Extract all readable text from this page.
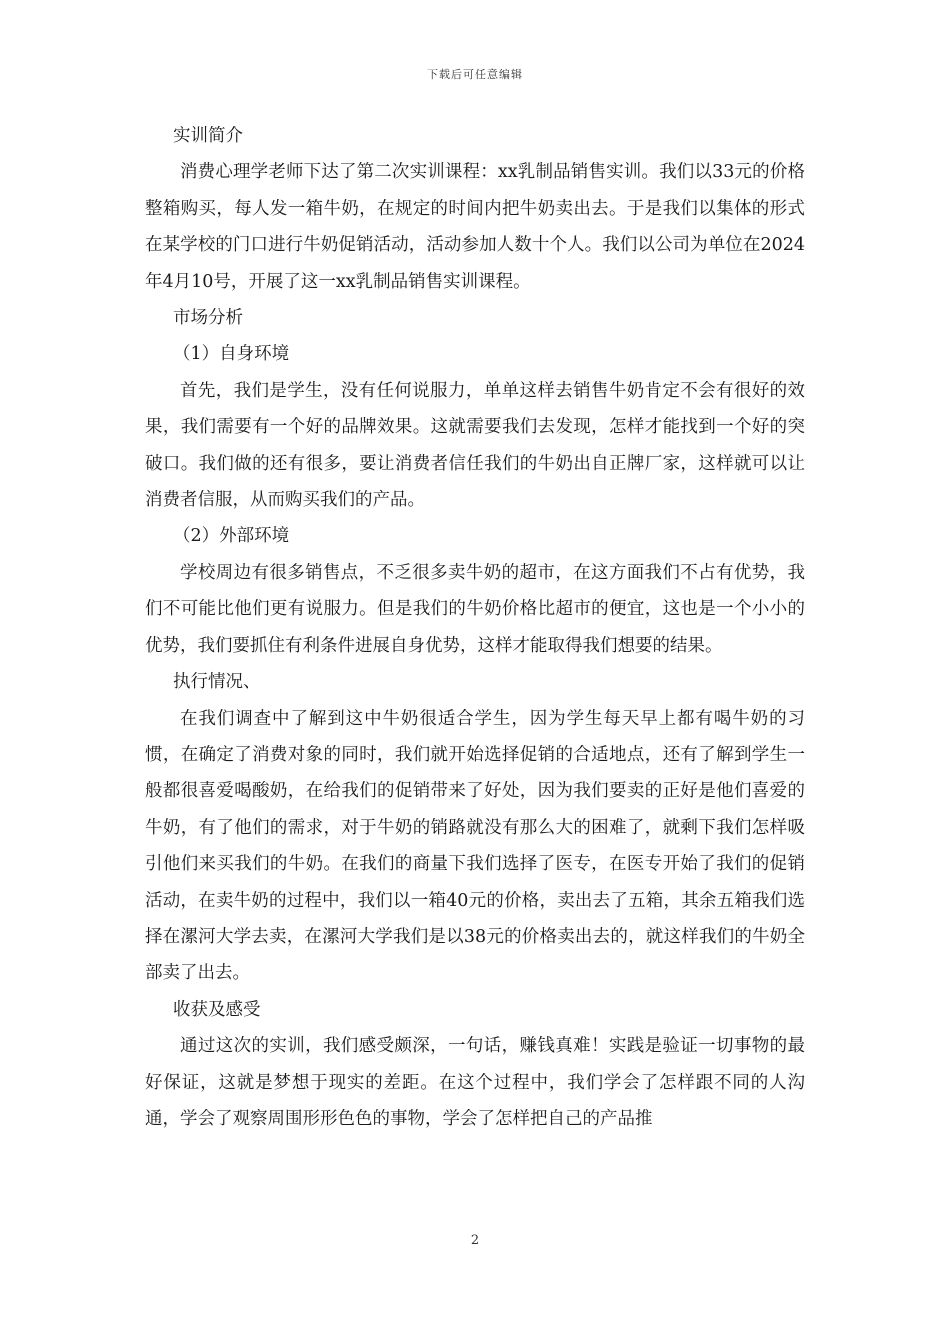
下载后可任意编辑

实训简介

消费心理学老师下达了第二次实训课程：xx乳制品销售实训。我们以33元的价格整箱购买，每人发一箱牛奶，在规定的时间内把牛奶卖出去。于是我们以集体的形式在某学校的门口进行牛奶促销活动，活动参加人数十个人。我们以公司为单位在2024年4月10号，开展了这一xx乳制品销售实训课程。

市场分析

（1）自身环境

首先，我们是学生，没有任何说服力，单单这样去销售牛奶肯定不会有很好的效果，我们需要有一个好的品牌效果。这就需要我们去发现，怎样才能找到一个好的突破口。我们做的还有很多，要让消费者信任我们的牛奶出自正牌厂家，这样就可以让消费者信服，从而购买我们的产品。

（2）外部环境

学校周边有很多销售点，不乏很多卖牛奶的超市，在这方面我们不占有优势，我们不可能比他们更有说服力。但是我们的牛奶价格比超市的便宜，这也是一个小小的优势，我们要抓住有利条件进展自身优势，这样才能取得我们想要的结果。

执行情况、

在我们调查中了解到这中牛奶很适合学生，因为学生每天早上都有喝牛奶的习惯，在确定了消费对象的同时，我们就开始选择促销的合适地点，还有了解到学生一般都很喜爱喝酸奶，在给我们的促销带来了好处，因为我们要卖的正好是他们喜爱的牛奶，有了他们的需求，对于牛奶的销路就没有那么大的困难了，就剩下我们怎样吸引他们来买我们的牛奶。在我们的商量下我们选择了医专，在医专开始了我们的促销活动，在卖牛奶的过程中，我们以一箱40元的价格，卖出去了五箱，其余五箱我们选择在漯河大学去卖，在漯河大学我们是以38元的价格卖出去的，就这样我们的牛奶全部卖了出去。

收获及感受

通过这次的实训，我们感受颇深，一句话，赚钱真难！实践是验证一切事物的最好保证，这就是梦想于现实的差距。在这个过程中，我们学会了怎样跟不同的人沟通，学会了观察周围形形色色的事物，学会了怎样把自己的产品推

2
